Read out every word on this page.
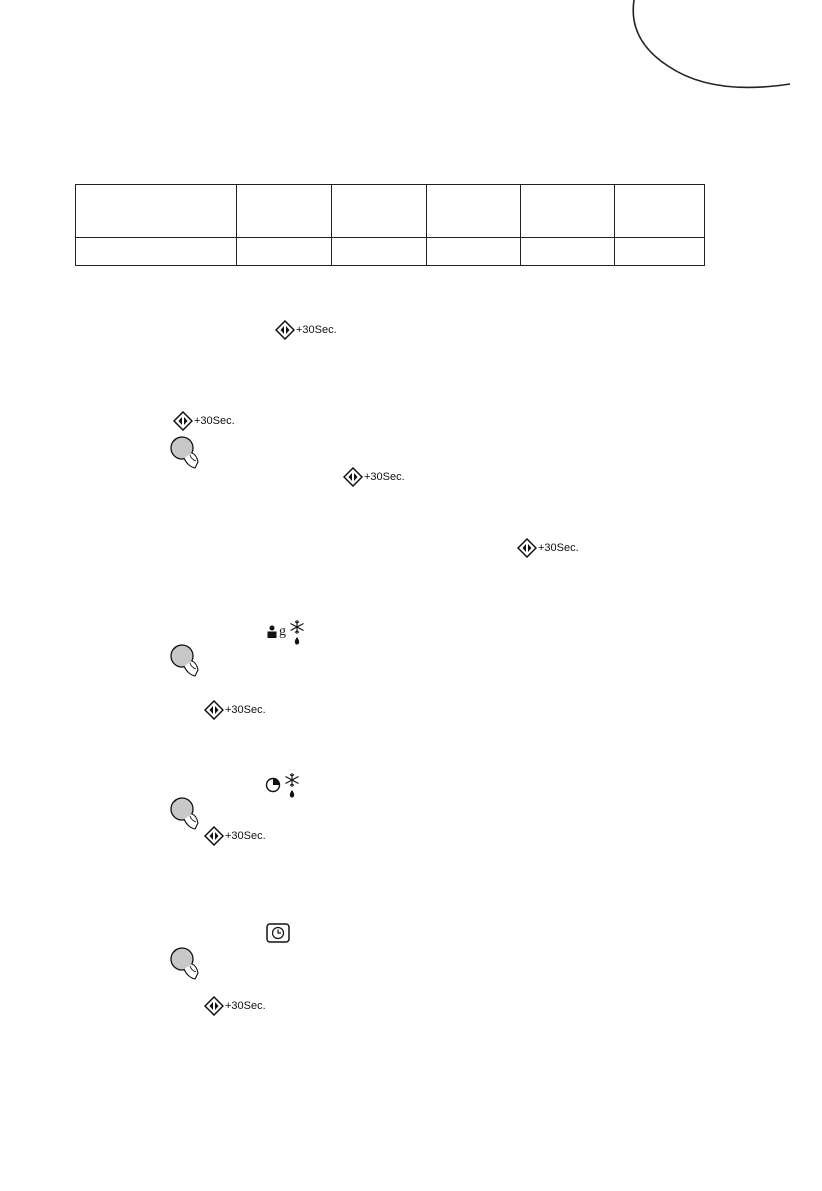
+30Sec.
+30Sec.
+30Sec.
+30Sec.
g
+30Sec.
+30Sec.
+30Sec.
